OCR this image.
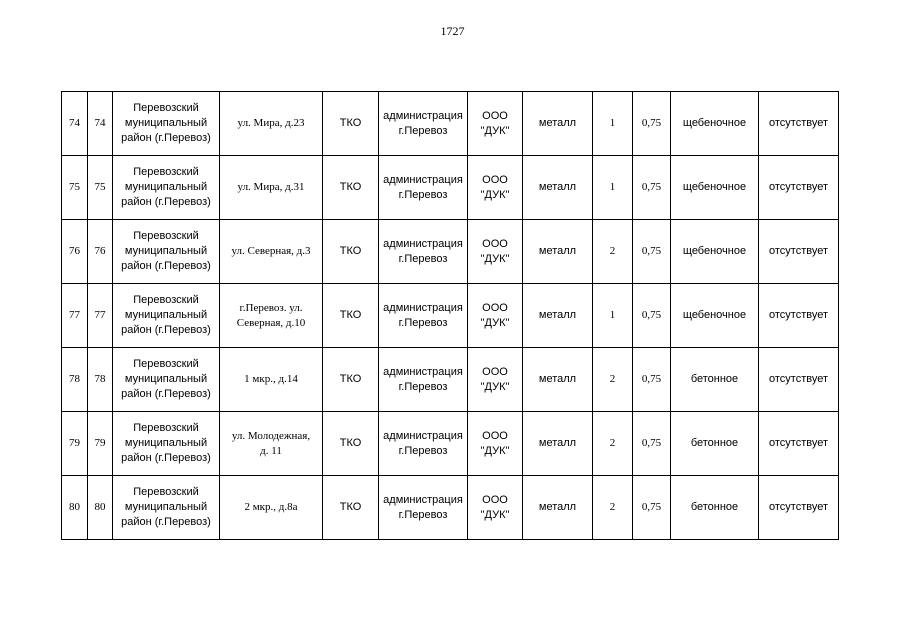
1727
74	74	Перевозский
муниципальный
район (г.Перевоз)	ул. Мира, д.23	ТКО	администрация
г.Перевоз	ООО
"ДУК"	металл	1	0,75	щебеночное	отсутствует
75	75	Перевозский
муниципальный
район (г.Перевоз)	ул. Мира, д.31	ТКО	администрация
г.Перевоз	ООО
"ДУК"	металл	1	0,75	щебеночное	отсутствует
76	76	Перевозский
муниципальный
район (г.Перевоз)	ул. Северная, д.3	ТКО	администрация
г.Перевоз	ООО
"ДУК"	металл	2	0,75	щебеночное	отсутствует
77	77	Перевозский
муниципальный
район (г.Перевоз)	г.Перевоз. ул.
Северная, д.10	ТКО	администрация
г.Перевоз	ООО
"ДУК"	металл	1	0,75	щебеночное	отсутствует
78	78	Перевозский
муниципальный
район (г.Перевоз)	1 мкр., д.14	ТКО	администрация
г.Перевоз	ООО
"ДУК"	металл	2	0,75	бетонное	отсутствует
79	79	Перевозский
муниципальный
район (г.Перевоз)	ул. Молодежная,
д. 11	ТКО	администрация
г.Перевоз	ООО
"ДУК"	металл	2	0,75	бетонное	отсутствует
80	80	Перевозский
муниципальный
район (г.Перевоз)	2 мкр., д.8а	ТКО	администрация
г.Перевоз	ООО
"ДУК"	металл	2	0,75	бетонное	отсутствует
